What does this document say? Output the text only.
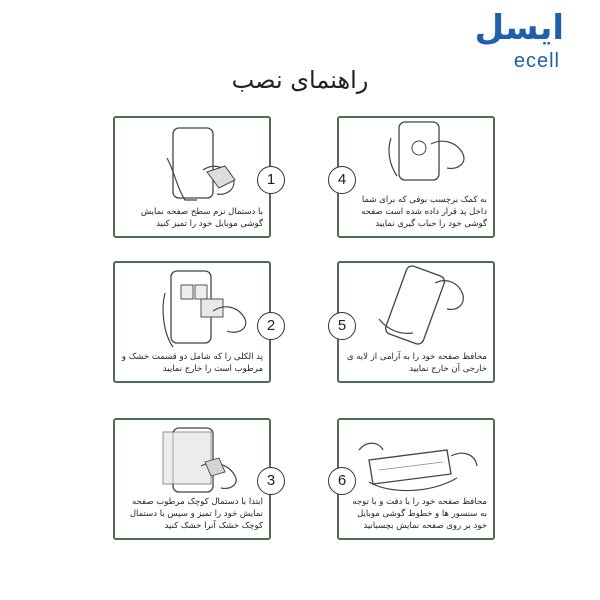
ایسل
ecell
راهنمای نصب
با دستمال نرم سطح صفحه نمایش گوشی موبایل خود را تمیز کنید
1
پد الکلی را که شامل دو قسمت خشک و مرطوب است را خارج نمایید
2
ابتدا با دستمال کوچک مرطوب صفحه نمایش خود را تمیز و سپس با دستمال کوچک خشک آنرا خشک کنید
3
به کمک برچسب بوقی که برای شما داخل پد قرار داده شده است صفحه گوشی خود را حباب گیری نمایید
4
محافظ صفحه خود را به آرامی از لایه ی خارجی آن خارج نمایید
5
محافظ صفحه خود را با دقت و با توجه به سنسور ها و خطوط گوشی موبایل خود بر روی صفحه نمایش بچسبانید
6
